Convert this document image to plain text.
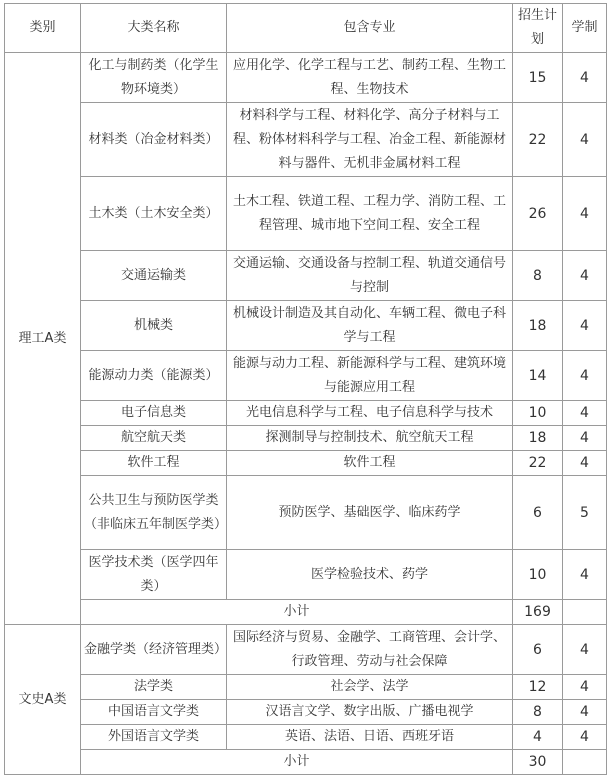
类别	大类名称	包含专业	招生计划	学制
理工A类	化工与制药类（化学生物环境类）	应用化学、化学工程与工艺、制药工程、生物工程、生物技术	15	4
	材料类（冶金材料类）	材料科学与工程、材料化学、高分子材料与工程、粉体材料科学与工程、冶金工程、新能源材料与器件、无机非金属材料工程	22	4
	土木类（土木安全类）	土木工程、铁道工程、工程力学、消防工程、工程管理、城市地下空间工程、安全工程	26	4
	交通运输类	交通运输、交通设备与控制工程、轨道交通信号与控制	8	4
	机械类	机械设计制造及其自动化、车辆工程、微电子科学与工程	18	4
	能源动力类（能源类）	能源与动力工程、新能源科学与工程、建筑环境与能源应用工程	14	4
	电子信息类	光电信息科学与工程、电子信息科学与技术	10	4
	航空航天类	探测制导与控制技术、航空航天工程	18	4
	软件工程	软件工程	22	4
	公共卫生与预防医学类（非临床五年制医学类）	预防医学、基础医学、临床药学	6	5
	医学技术类（医学四年类）	医学检验技术、药学	10	4
	小计		169	
文史A类	金融学类（经济管理类）	国际经济与贸易、金融学、工商管理、会计学、行政管理、劳动与社会保障	6	4
	法学类	社会学、法学	12	4
	中国语言文学类	汉语言文学、数字出版、广播电视学	8	4
	外国语言文学类	英语、法语、日语、西班牙语	4	4
	小计		30	
